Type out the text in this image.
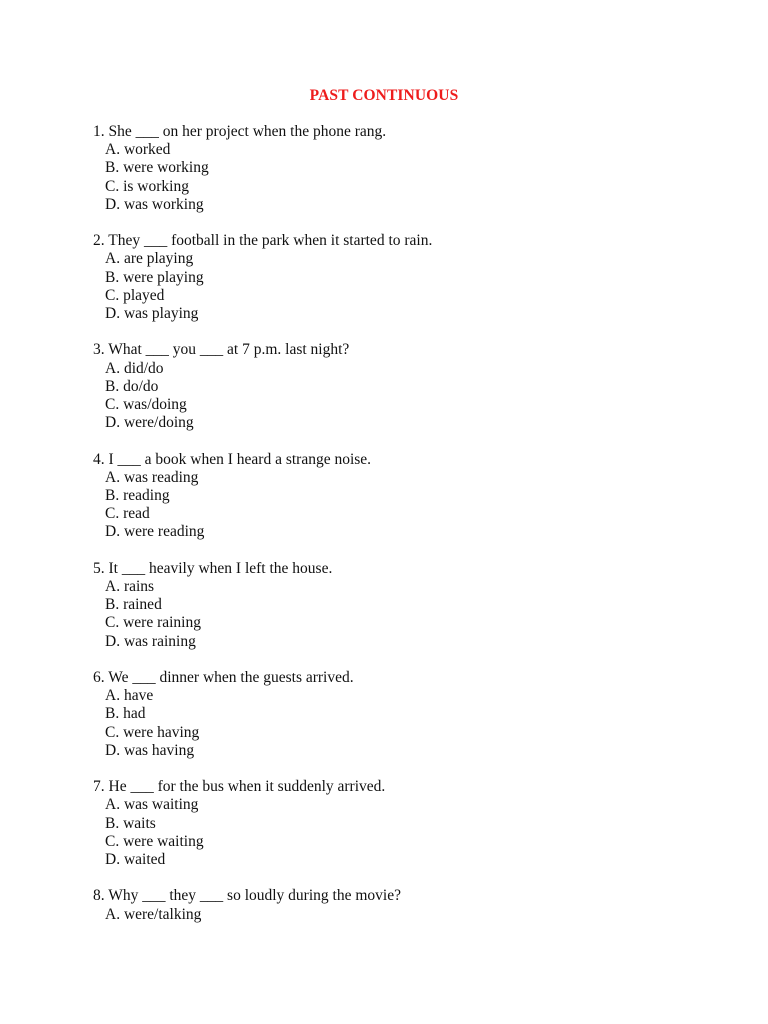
PAST CONTINUOUS
1. She ___ on her project when the phone rang.
A. worked
B. were working
C. is working
D. was working
2. They ___ football in the park when it started to rain.
A. are playing
B. were playing
C. played
D. was playing
3. What ___ you ___ at 7 p.m. last night?
A. did/do
B. do/do
C. was/doing
D. were/doing
4. I ___ a book when I heard a strange noise.
A. was reading
B. reading
C. read
D. were reading
5. It ___ heavily when I left the house.
A. rains
B. rained
C. were raining
D. was raining
6. We ___ dinner when the guests arrived.
A. have
B. had
C. were having
D. was having
7. He ___ for the bus when it suddenly arrived.
A. was waiting
B. waits
C. were waiting
D. waited
8. Why ___ they ___ so loudly during the movie?
A. were/talking
